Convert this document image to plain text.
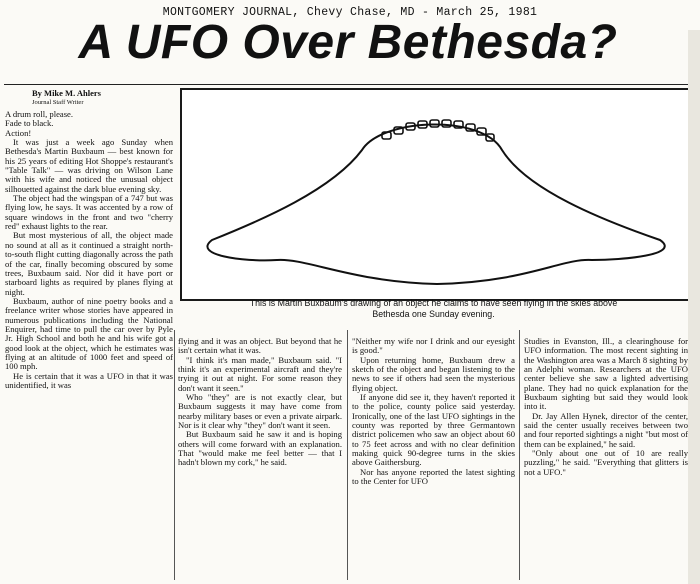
MONTGOMERY JOURNAL, Chevy Chase, MD - March 25, 1981
A UFO Over Bethesda?
By Mike M. Ahlers
Journal Staff Writer

A drum roll, please.

Fade to black.

Action!

It was just a week ago Sunday when Bethesda's Martin Buxbaum — best known for his 25 years of editing Hot Shoppe's restaurant's "Table Talk" — was driving on Wilson Lane with his wife and noticed the unusual object silhouetted against the dark blue evening sky.

The object had the wingspan of a 747 but was flying low, he says. It was accented by a row of square windows in the front and two "cherry red" exhaust lights to the rear.

But most mysterious of all, the object made no sound at all as it continued a straight north-to-south flight cutting diagonally across the path of the car, finally becoming obscured by some trees, Buxbaum said. Nor did it have port or starboard lights as required by planes flying at night.

Buxbaum, author of nine poetry books and a freelance writer whose stories have appeared in numerous publications including the National Enquirer, had time to pull the car over by Pyle Jr. High School and both he and his wife got a good look at the object, which he estimates was flying at an altitude of 1000 feet and speed of 100 mph.

He is certain that it was a UFO in that it was unidentified, it was

This is Martin Buxbaum's drawing of an object he claims to have seen flying in the skies above
Bethesda one Sunday evening.

flying and it was an object. But beyond that he isn't certain what it was.

"I think it's man made," Buxbaum said. "I think it's an experimental aircraft and they're trying it out at night. For some reason they don't want it seen."

Who "they" are is not exactly clear, but Buxbaum suggests it may have come from nearby military bases or even a private airpark. Nor is it clear why "they" don't want it seen.

But Buxbaum said he saw it and is hoping others will come forward with an explanation. That "would make me feel better — that I hadn't blown my cork," he said.

"Neither my wife nor I drink and our eyesight is good."

Upon returning home, Buxbaum drew a sketch of the object and began listening to the news to see if others had seen the mysterious flying object.

If anyone did see it, they haven't reported it to the police, county police said yesterday. Ironically, one of the last UFO sightings in the county was reported by three Germantown district policemen who saw an object about 60 to 75 feet across and with no clear definition making quick 90-degree turns in the skies above Gaithersburg.

Nor has anyone reported the latest sighting to the Center for UFO

Studies in Evanston, Ill., a clearinghouse for UFO information. The most recent sighting in the Washington area was a March 8 sighting by an Adelphi woman. Researchers at the UFO center believe she saw a lighted advertising plane. They had no quick explanation for the Buxbaum sighting but said they would look into it.

Dr. Jay Allen Hynek, director of the center, said the center usually receives between two and four reported sightings a night "but most of them can be explained," he said.

"Only about one out of 10 are really puzzling," he said. "Everything that glitters is not a UFO."
